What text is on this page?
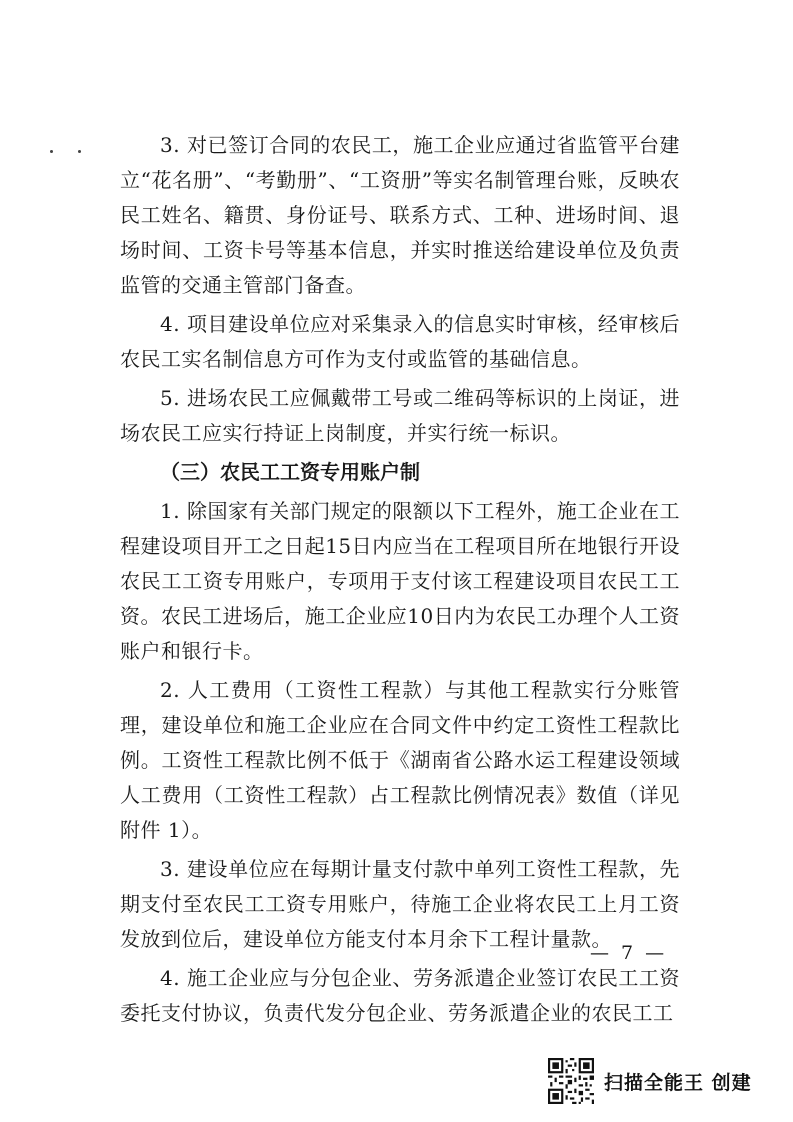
3. 对已签订合同的农民工，施工企业应通过省监管平台建立“花名册”、“考勤册”、“工资册”等实名制管理台账，反映农民工姓名、籍贯、身份证号、联系方式、工种、进场时间、退场时间、工资卡号等基本信息，并实时推送给建设单位及负责监管的交通主管部门备查。

4. 项目建设单位应对采集录入的信息实时审核，经审核后农民工实名制信息方可作为支付或监管的基础信息。

5. 进场农民工应佩戴带工号或二维码等标识的上岗证，进场农民工应实行持证上岗制度，并实行统一标识。

（三）农民工工资专用账户制

1. 除国家有关部门规定的限额以下工程外，施工企业在工程建设项目开工之日起15日内应当在工程项目所在地银行开设农民工工资专用账户，专项用于支付该工程建设项目农民工工资。农民工进场后，施工企业应10日内为农民工办理个人工资账户和银行卡。

2. 人工费用（工资性工程款）与其他工程款实行分账管理，建设单位和施工企业应在合同文件中约定工资性工程款比例。工资性工程款比例不低于《湖南省公路水运工程建设领域人工费用（工资性工程款）占工程款比例情况表》数值（详见附件 1）。

3. 建设单位应在每期计量支付款中单列工资性工程款，先期支付至农民工工资专用账户，待施工企业将农民工上月工资发放到位后，建设单位方能支付本月余下工程计量款。

4. 施工企业应与分包企业、劳务派遣企业签订农民工工资委托支付协议，负责代发分包企业、劳务派遣企业的农民工工

— 7 —
扫描全能王 创建
